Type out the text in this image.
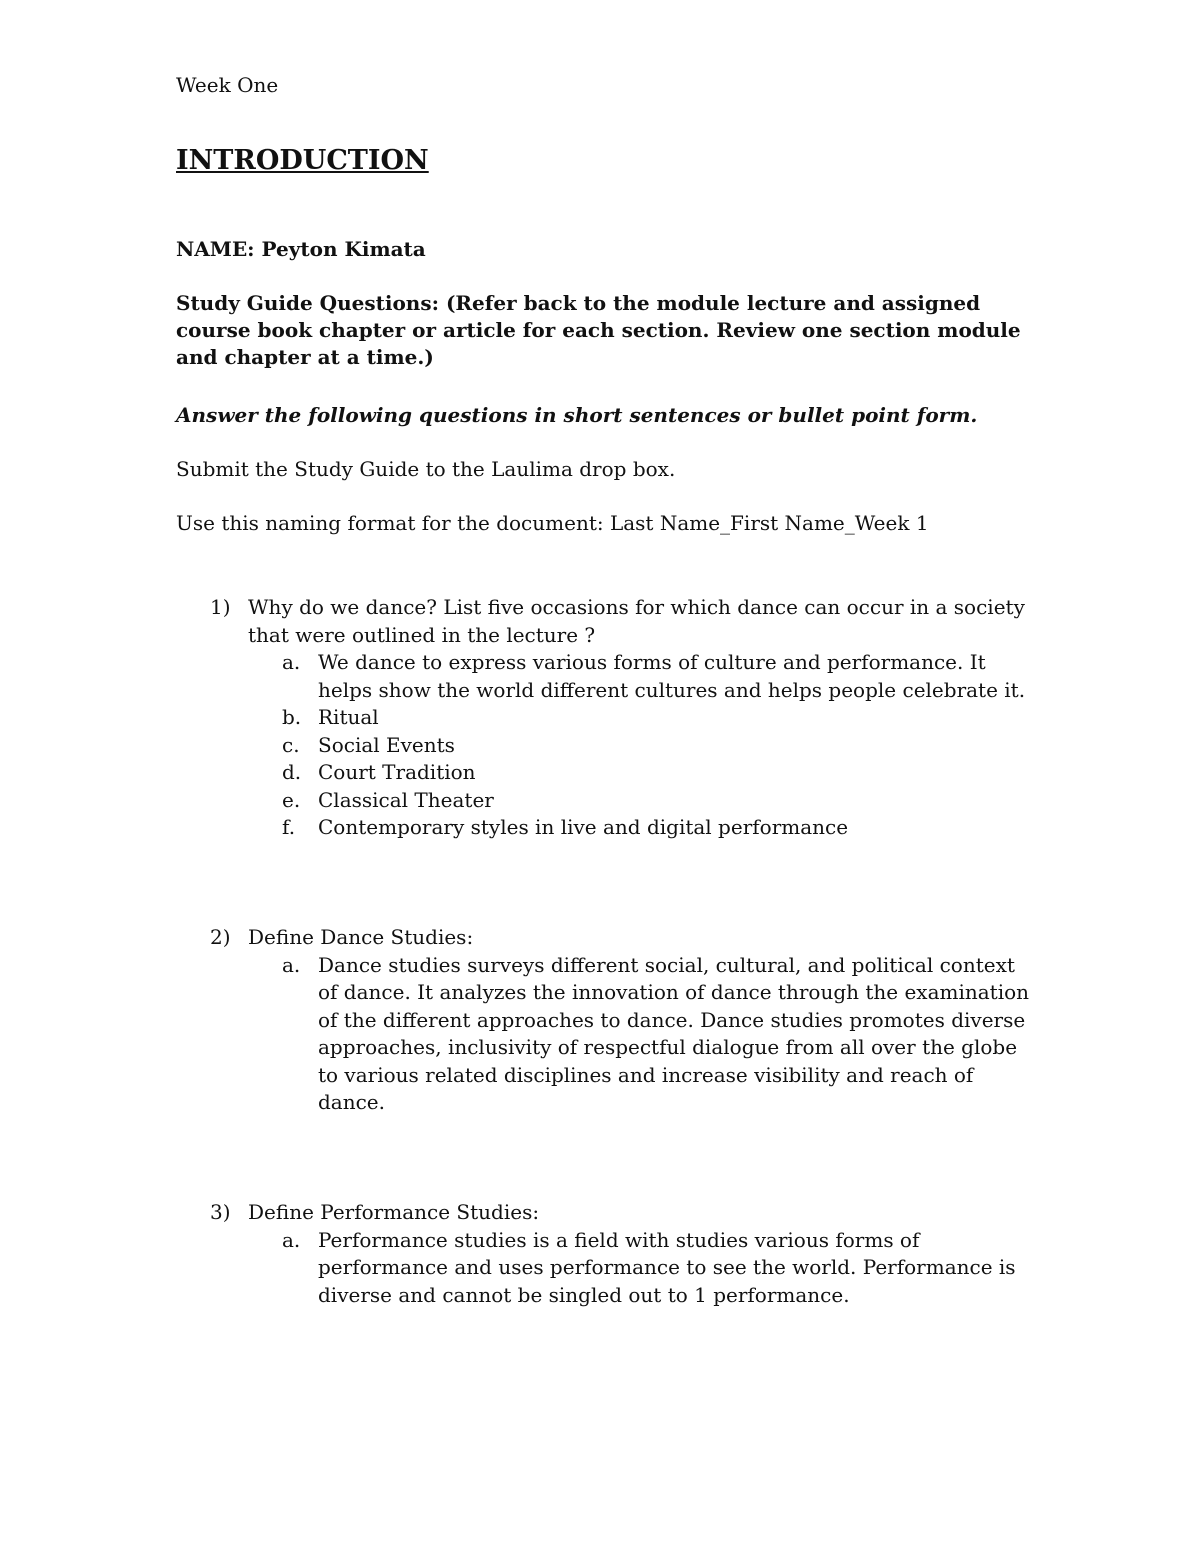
Week One
INTRODUCTION
NAME: Peyton Kimata
Study Guide Questions: (Refer back to the module lecture and assigned course book chapter or article for each section. Review one section module and chapter at a time.)
Answer the following questions in short sentences or bullet point form.
Submit the Study Guide to the Laulima drop box.
Use this naming format for the document: Last Name_First Name_Week 1
1) Why do we dance? List five occasions for which dance can occur in a society that were outlined in the lecture ?
a. We dance to express various forms of culture and performance. It helps show the world different cultures and helps people celebrate it.
b. Ritual
c. Social Events
d. Court Tradition
e. Classical Theater
f.	Contemporary styles in live and digital performance
2) Define Dance Studies:
a. Dance studies surveys different social, cultural, and political context of dance. It analyzes the innovation of dance through the examination of the different approaches to dance. Dance studies promotes diverse approaches, inclusivity of respectful dialogue from all over the globe to various related disciplines and increase visibility and reach of dance.
3) Define Performance Studies:
a. Performance studies is a field with studies various forms of performance and uses performance to see the world. Performance is diverse and cannot be singled out to 1 performance.
